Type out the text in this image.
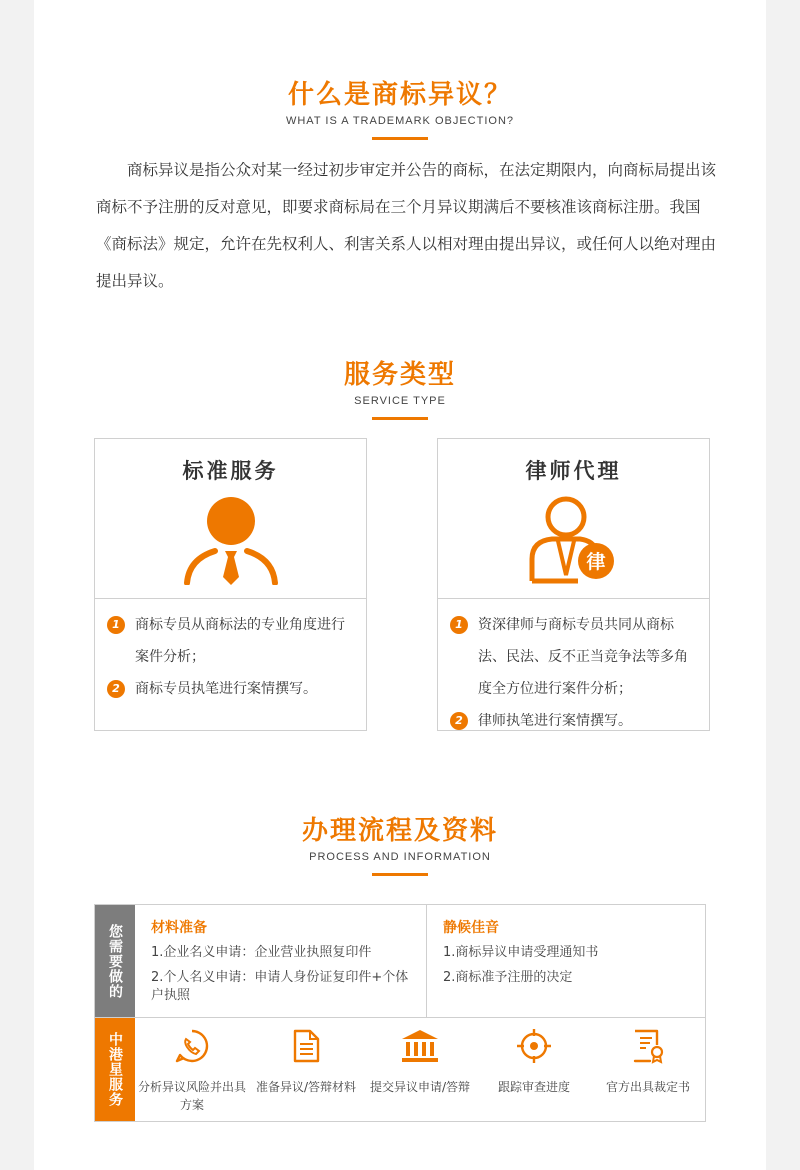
什么是商标异议？
WHAT IS A TRADEMARK OBJECTION?

商标异议是指公众对某一经过初步审定并公告的商标，在法定期限内，向商标局提出该商标不予注册的反对意见，即要求商标局在三个月异议期满后不要核准该商标注册。我国《商标法》规定，允许在先权利人、利害关系人以相对理由提出异议，或任何人以绝对理由提出异议。

服务类型
SERVICE TYPE
标准服务
1	商标专员从商标法的专业角度进行案件分析；
2	商标专员执笔进行案情撰写。
律师代理
律
1	资深律师与商标专员共同从商标法、民法、反不正当竞争法等多角度全方位进行案件分析；
2	律师执笔进行案情撰写。
办理流程及资料
PROCESS AND INFORMATION
您需要做的	材料准备
1.企业名义申请：企业营业执照复印件
2.个人名义申请：申请人身份证复印件+个体户执照
静候佳音
1.商标异议申请受理通知书
2.商标准予注册的决定
中港星服务	分析异议风险并出具方案
准备异议/答辩材料	提交异议申请/答辩	跟踪审查进度	官方出具裁定书
